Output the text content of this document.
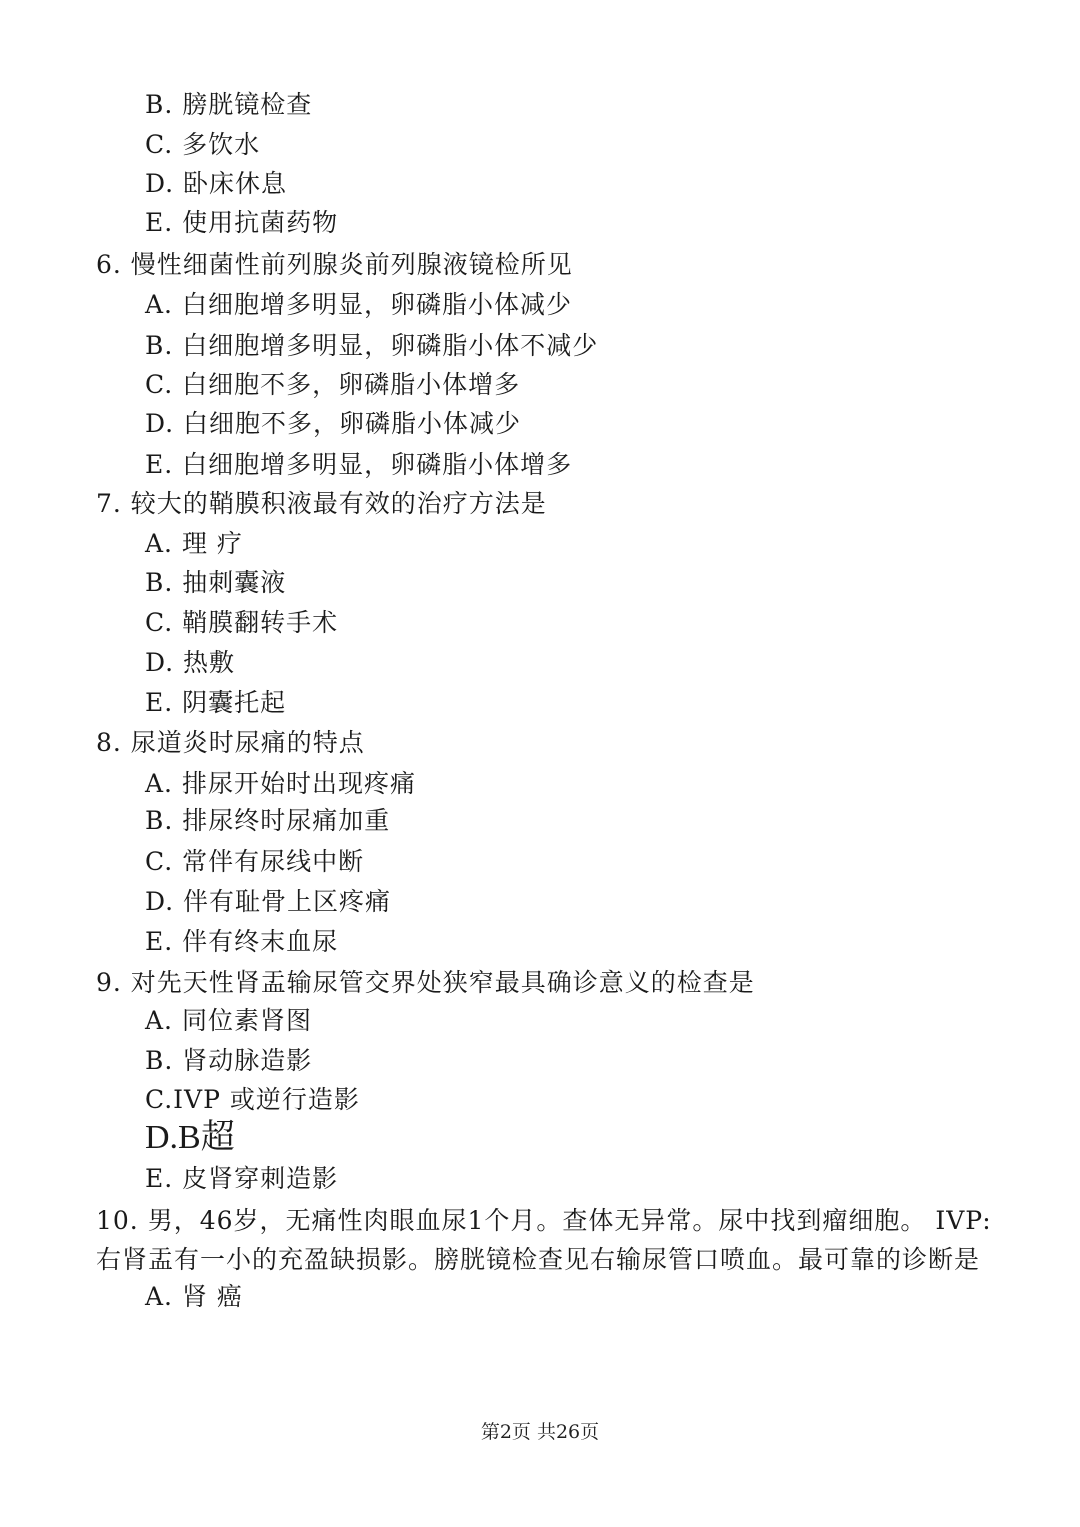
B. 膀胱镜检查
C. 多饮水
D. 卧床休息
E. 使用抗菌药物
6. 慢性细菌性前列腺炎前列腺液镜检所见
A. 白细胞增多明显，卵磷脂小体减少
B. 白细胞增多明显，卵磷脂小体不减少
C. 白细胞不多，卵磷脂小体增多
D. 白细胞不多，卵磷脂小体减少
E. 白细胞增多明显，卵磷脂小体增多
7. 较大的鞘膜积液最有效的治疗方法是
A. 理 疗
B. 抽刺囊液
C. 鞘膜翻转手术
D. 热敷
E. 阴囊托起
8. 尿道炎时尿痛的特点
A. 排尿开始时出现疼痛
B. 排尿终时尿痛加重
C. 常伴有尿线中断
D. 伴有耻骨上区疼痛
E. 伴有终末血尿
9. 对先天性肾盂输尿管交界处狭窄最具确诊意义的检查是
A. 同位素肾图
B. 肾动脉造影
C.IVP 或逆行造影
D.B超
E. 皮肾穿刺造影
10. 男，46岁，无痛性肉眼血尿1个月。查体无异常。尿中找到瘤细胞。 IVP:
右肾盂有一小的充盈缺损影。膀胱镜检查见右输尿管口喷血。最可靠的诊断是
A. 肾 癌
第2页 共26页
